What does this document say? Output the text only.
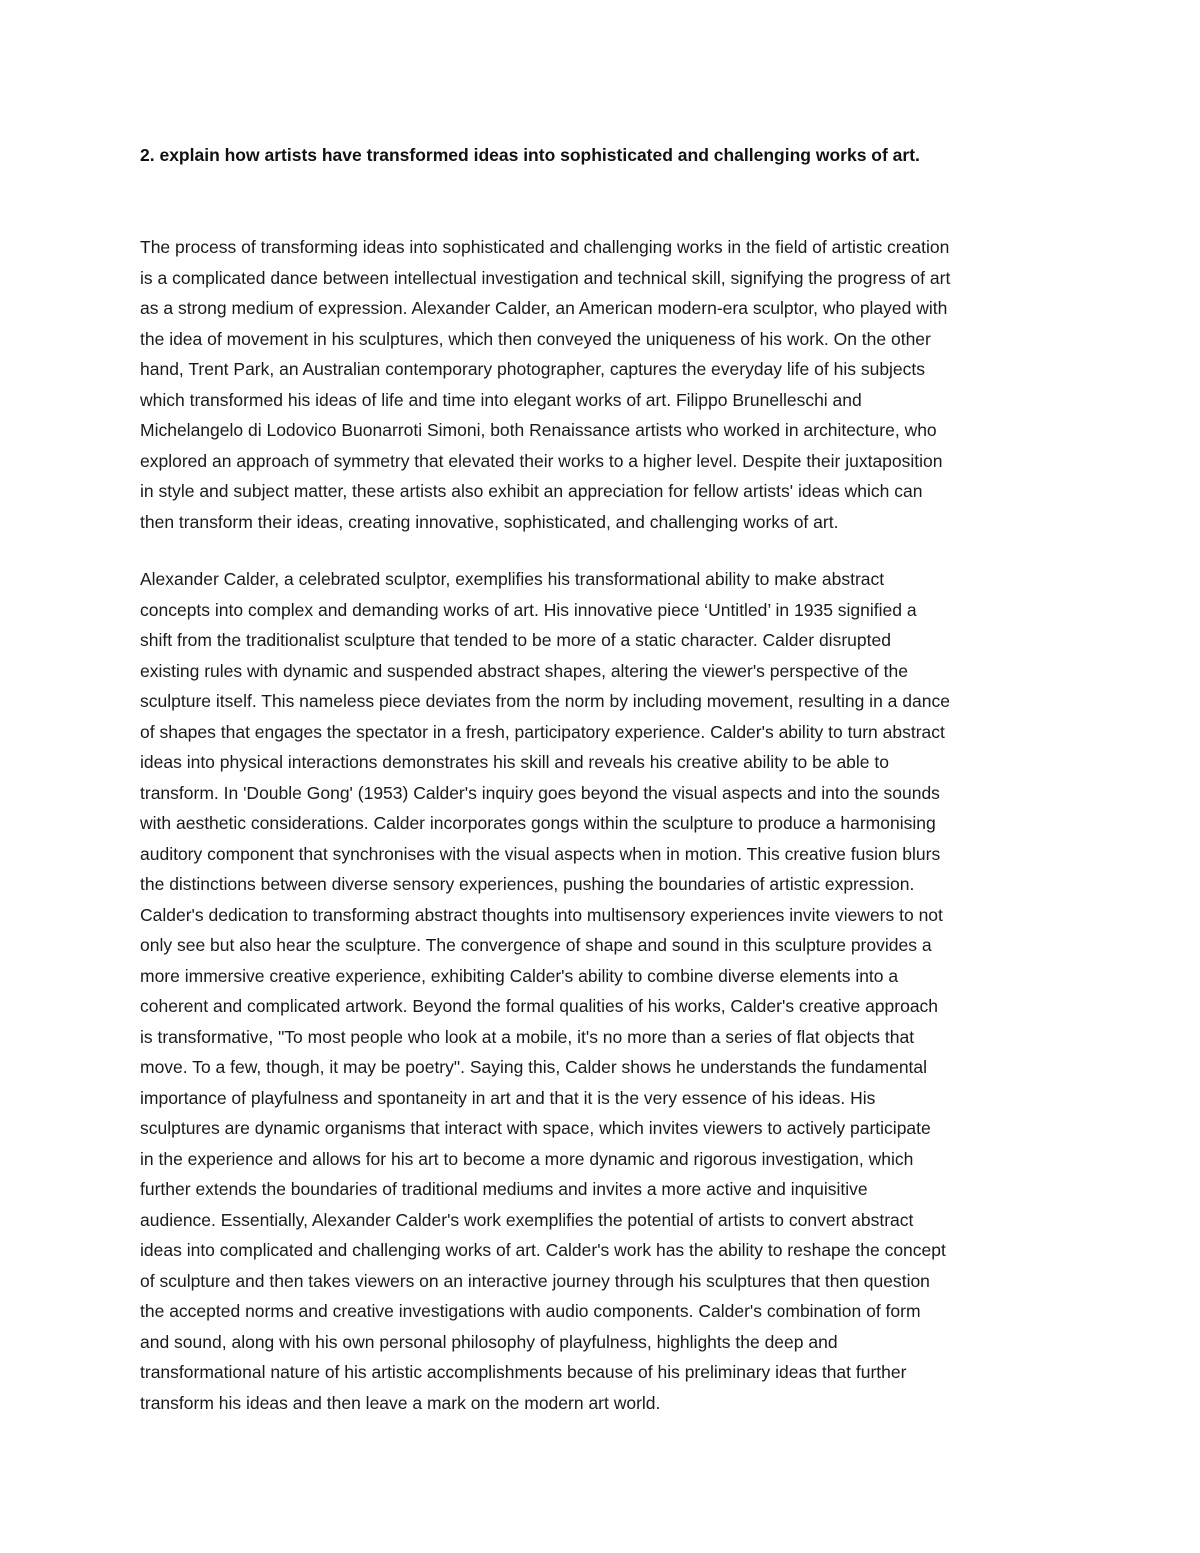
2. explain how artists have transformed ideas into sophisticated and challenging works of art.
The process of transforming ideas into sophisticated and challenging works in the field of artistic creation
is a complicated dance between intellectual investigation and technical skill, signifying the progress of art
as a strong medium of expression. Alexander Calder, an American modern-era sculptor, who played with
the idea of movement in his sculptures, which then conveyed the uniqueness of his work. On the other
hand, Trent Park, an Australian contemporary photographer, captures the everyday life of his subjects
which transformed his ideas of life and time into elegant works of art. Filippo Brunelleschi and
Michelangelo di Lodovico Buonarroti Simoni, both Renaissance artists who worked in architecture, who
explored an approach of symmetry that elevated their works to a higher level. Despite their juxtaposition
in style and subject matter, these artists also exhibit an appreciation for fellow artists' ideas which can
then transform their ideas, creating innovative, sophisticated, and challenging works of art.
Alexander Calder, a celebrated sculptor, exemplifies his transformational ability to make abstract
concepts into complex and demanding works of art. His innovative piece ‘Untitled’ in 1935 signified a
shift from the traditionalist sculpture that tended to be more of a static character. Calder disrupted
existing rules with dynamic and suspended abstract shapes, altering the viewer's perspective of the
sculpture itself. This nameless piece deviates from the norm by including movement, resulting in a dance
of shapes that engages the spectator in a fresh, participatory experience. Calder's ability to turn abstract
ideas into physical interactions demonstrates his skill and reveals his creative ability to be able to
transform. In 'Double Gong' (1953) Calder's inquiry goes beyond the visual aspects and into the sounds
with aesthetic considerations. Calder incorporates gongs within the sculpture to produce a harmonising
auditory component that synchronises with the visual aspects when in motion. This creative fusion blurs
the distinctions between diverse sensory experiences, pushing the boundaries of artistic expression.
Calder's dedication to transforming abstract thoughts into multisensory experiences invite viewers to not
only see but also hear the sculpture. The convergence of shape and sound in this sculpture provides a
more immersive creative experience, exhibiting Calder's ability to combine diverse elements into a
coherent and complicated artwork. Beyond the formal qualities of his works, Calder's creative approach
is transformative, "To most people who look at a mobile, it's no more than a series of flat objects that
move. To a few, though, it may be poetry". Saying this, Calder shows he understands the fundamental
importance of playfulness and spontaneity in art and that it is the very essence of his ideas. His
sculptures are dynamic organisms that interact with space, which invites viewers to actively participate
in the experience and allows for his art to become a more dynamic and rigorous investigation, which
further extends the boundaries of traditional mediums and invites a more active and inquisitive
audience. Essentially, Alexander Calder's work exemplifies the potential of artists to convert abstract
ideas into complicated and challenging works of art. Calder's work has the ability to reshape the concept
of sculpture and then takes viewers on an interactive journey through his sculptures that then question
the accepted norms and creative investigations with audio components. Calder's combination of form
and sound, along with his own personal philosophy of playfulness, highlights the deep and
transformational nature of his artistic accomplishments because of his preliminary ideas that further
transform his ideas and then leave a mark on the modern art world.
